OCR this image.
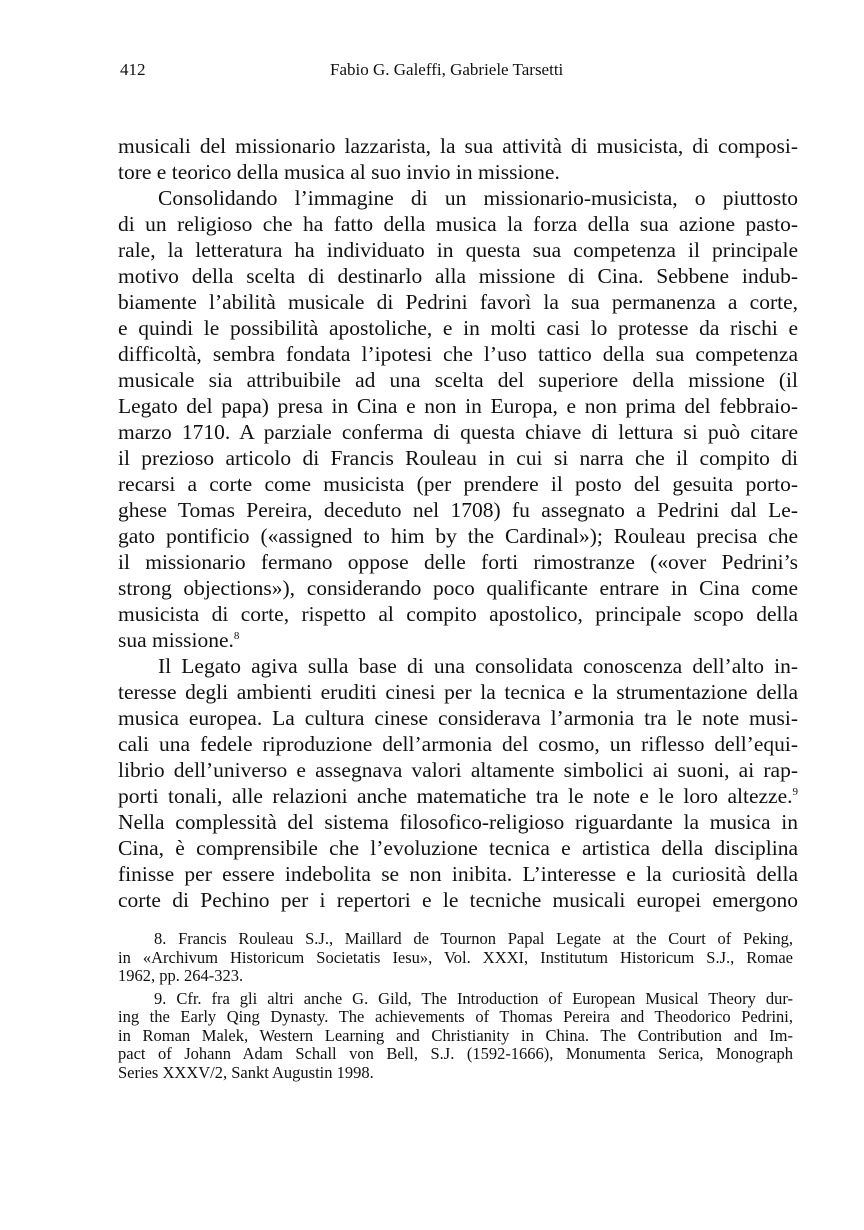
412	Fabio G. Galeffi, Gabriele Tarsetti
musicali del missionario lazzarista, la sua attività di musicista, di composi-
tore e teorico della musica al suo invio in missione.
Consolidando l’immagine di un missionario-musicista, o piuttosto
di un religioso che ha fatto della musica la forza della sua azione pasto-
rale, la letteratura ha individuato in questa sua competenza il principale
motivo della scelta di destinarlo alla missione di Cina. Sebbene indub-
biamente l’abilità musicale di Pedrini favorì la sua permanenza a corte,
e quindi le possibilità apostoliche, e in molti casi lo protesse da rischi e
difficoltà, sembra fondata l’ipotesi che l’uso tattico della sua competenza
musicale sia attribuibile ad una scelta del superiore della missione (il
Legato del papa) presa in Cina e non in Europa, e non prima del febbraio-
marzo 1710. A parziale conferma di questa chiave di lettura si può citare
il prezioso articolo di Francis Rouleau in cui si narra che il compito di
recarsi a corte come musicista (per prendere il posto del gesuita porto-
ghese Tomas Pereira, deceduto nel 1708) fu assegnato a Pedrini dal Le-
gato pontificio («assigned to him by the Cardinal»); Rouleau precisa che
il missionario fermano oppose delle forti rimostranze («over Pedrini’s
strong objections»), considerando poco qualificante entrare in Cina come
musicista di corte, rispetto al compito apostolico, principale scopo della
sua missione.$^8$
Il Legato agiva sulla base di una consolidata conoscenza dell’alto in-
teresse degli ambienti eruditi cinesi per la tecnica e la strumentazione della
musica europea. La cultura cinese considerava l’armonia tra le note musi-
cali una fedele riproduzione dell’armonia del cosmo, un riflesso dell’equi-
librio dell’universo e assegnava valori altamente simbolici ai suoni, ai rap-
porti tonali, alle relazioni anche matematiche tra le note e le loro altezze.$^9$
Nella complessità del sistema filosofico-religioso riguardante la musica in
Cina, è comprensibile che l’evoluzione tecnica e artistica della disciplina
finisse per essere indebolita se non inibita. L’interesse e la curiosità della
corte di Pechino per i repertori e le tecniche musicali europei emergono
8. Francis Rouleau S.J., Maillard de Tournon Papal Legate at the Court of Peking,
in «Archivum Historicum Societatis Iesu», Vol. XXXI, Institutum Historicum S.J., Romae
1962, pp. 264-323.
9. Cfr. fra gli altri anche G. Gild, The Introduction of European Musical Theory dur-
ing the Early Qing Dynasty. The achievements of Thomas Pereira and Theodorico Pedrini,
in Roman Malek, Western Learning and Christianity in China. The Contribution and Im-
pact of Johann Adam Schall von Bell, S.J. (1592-1666), Monumenta Serica, Monograph
Series XXXV/2, Sankt Augustin 1998.
